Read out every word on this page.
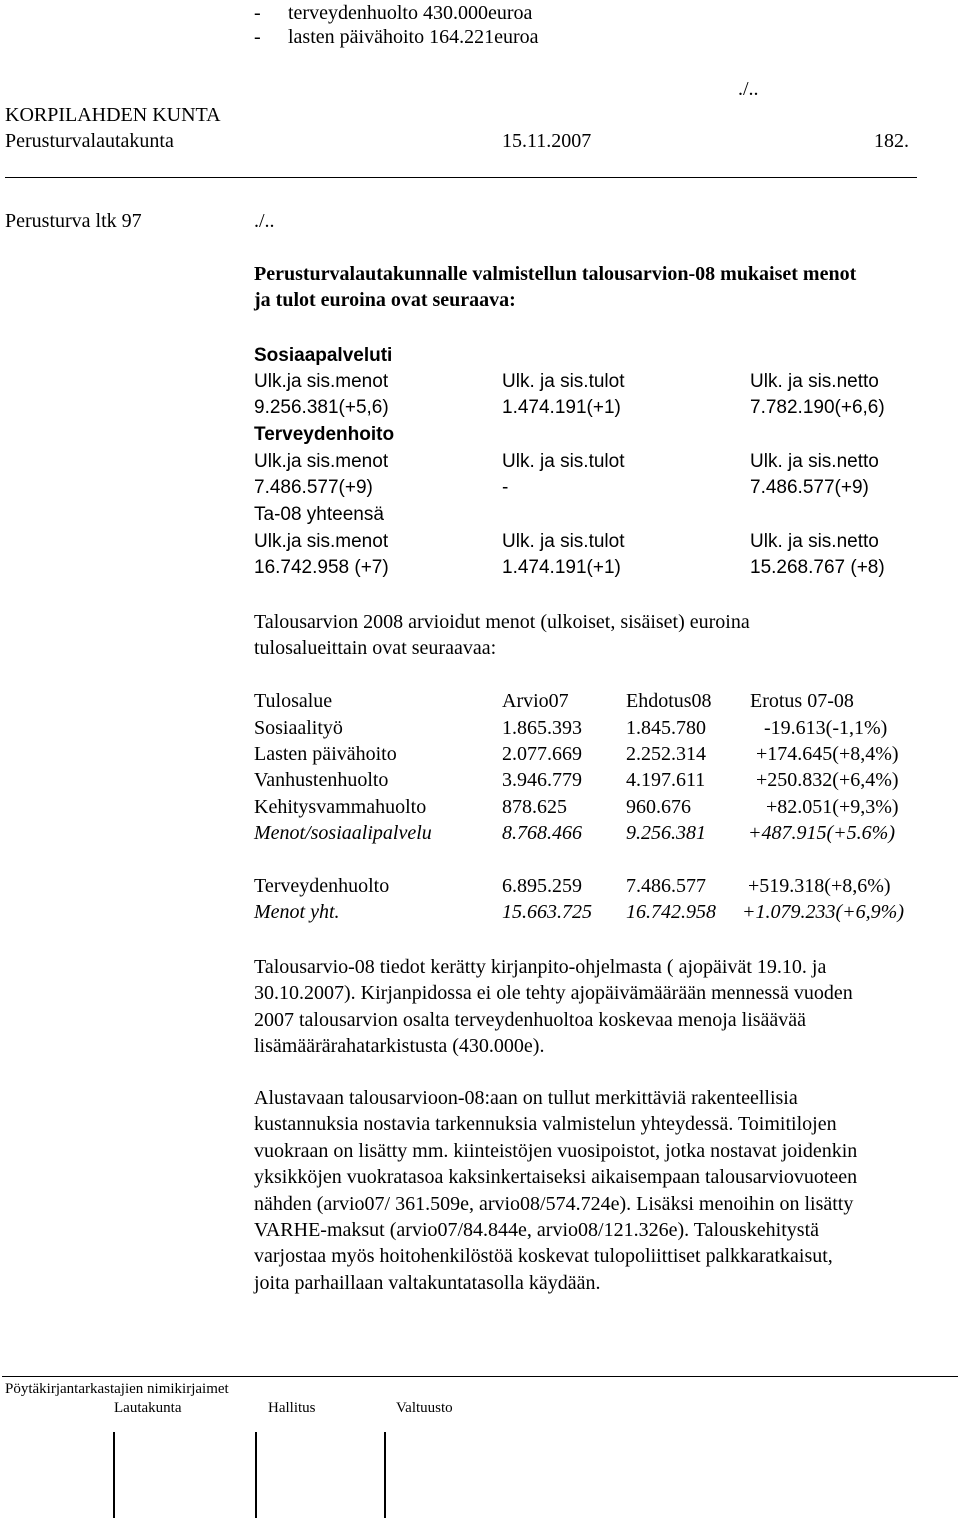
- terveydenhuolto 430.000euroa
- lasten päivähoito 164.221euroa
./..
KORPILAHDEN KUNTA
Perusturvalautakunta	15.11.2007	182.
Perusturva ltk 97	./..
Perusturvalautakunnalle valmistellun talousarvion-08 mukaiset menot
ja tulot euroina ovat seuraava:
Sosiaapalveluti
Ulk.ja sis.menot	Ulk. ja sis.tulot	Ulk. ja sis.netto
9.256.381(+5,6)	1.474.191(+1)	7.782.190(+6,6)
Terveydenhoito
Ulk.ja sis.menot	Ulk. ja sis.tulot	Ulk. ja sis.netto
7.486.577(+9)	-	7.486.577(+9)
Ta-08 yhteensä
Ulk.ja sis.menot	Ulk. ja sis.tulot	Ulk. ja sis.netto
16.742.958 (+7)	1.474.191(+1)	15.268.767 (+8)
Talousarvion 2008 arvioidut menot (ulkoiset, sisäiset) euroina
tulosalueittain ovat seuraavaa:
Tulosalue	Arvio07	Ehdotus08 Erotus 07-08
Sosiaalityö	1.865.393 1.845.780	-19.613(-1,1%)
Lasten päivähoito	2.077.669 2.252.314	+174.645(+8,4%)
Vanhustenhuolto	3.946.779 4.197.611	+250.832(+6,4%)
Kehitysvammahuolto	878.625	960.676	+82.051(+9,3%)
Menot/sosiaalipalvelu	8.768.466 9.256.381 +487.915(+5.6%)
Terveydenhuolto	6.895.259 7.486.577 +519.318(+8,6%)
Menot yht.	15.663.725 16.742.958 +1.079.233(+6,9%)
Talousarvio-08 tiedot kerätty kirjanpito-ohjelmasta ( ajopäivät 19.10. ja
30.10.2007). Kirjanpidossa ei ole tehty ajopäivämäärään mennessä vuoden
2007 talousarvion osalta terveydenhuoltoa koskevaa menoja lisäävää
lisämäärärahatarkistusta (430.000e).
Alustavaan talousarvioon-08:aan on tullut merkittäviä rakenteellisia
kustannuksia nostavia tarkennuksia valmistelun yhteydessä. Toimitilojen
vuokraan on lisätty mm. kiinteistöjen vuosipoistot, jotka nostavat joidenkin
yksikköjen vuokratasoa kaksinkertaiseksi aikaisempaan talousarviovuoteen
nähden (arvio07/ 361.509e, arvio08/574.724e). Lisäksi menoihin on lisätty
VARHE-maksut (arvio07/84.844e, arvio08/121.326e). Talouskehitystä
varjostaa myös hoitohenkilöstöä koskevat tulopoliittiset palkkaratkaisut,
joita parhaillaan valtakuntatasolla käydään.
Pöytäkirjantarkastajien nimikirjaimet
Lautakunta	Hallitus	Valtuusto
